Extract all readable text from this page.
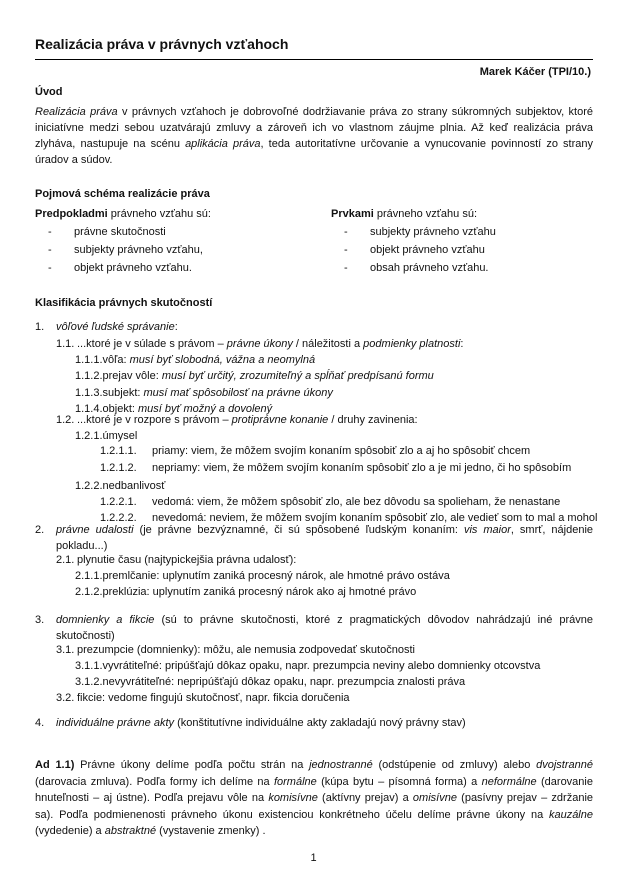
Realizácia práva v právnych vzťahoch
Marek Káčer (TPI/10.)
Úvod
Realizácia práva v právnych vzťahoch je dobrovoľné dodržiavanie práva zo strany súkromných subjektov, ktoré iniciatívne medzi sebou uzatvárajú zmluvy a zároveň ich vo vlastnom záujme plnia. Až keď realizácia práva zlyháva, nastupuje na scénu aplikácia práva, teda autoritatívne určovanie a vynucovanie povinností zo strany úradov a súdov.
Pojmová schéma realizácie práva
Predpokladmi právneho vzťahu sú:
- právne skutočnosti
- subjekty právneho vzťahu,
- objekt právneho vzťahu.
Prvkami právneho vzťahu sú:
- subjekty právneho vzťahu
- objekt právneho vzťahu
- obsah právneho vzťahu.
Klasifikácia právnych skutočností
1. vôľové ľudské správanie:
1.1. ...ktoré je v súlade s právom – právne úkony / náležitosti a podmienky platnosti:
1.1.1.vôľa: musí byť slobodná, vážna a neomylná
1.1.2.prejav vôle: musí byť určitý, zrozumiteľný a spĺňať predpísanú formu
1.1.3.subjekt: musí mať spôsobilosť na právne úkony
1.1.4.objekt: musí byť možný a dovolený
1.2. ...ktoré je v rozpore s právom – protiprávne konanie / druhy zavinenia:
1.2.1.úmysel
1.2.1.1. priamy: viem, že môžem svojím konaním spôsobiť zlo a aj ho spôsobiť chcem
1.2.1.2. nepriamy: viem, že môžem svojím konaním spôsobiť zlo a je mi jedno, či ho spôsobím
1.2.2.nedbanlivosť
1.2.2.1. vedomá: viem, že môžem spôsobiť zlo, ale bez dôvodu sa spolieham, že nenastane
1.2.2.2. nevedomá: neviem, že môžem svojím konaním spôsobiť zlo, ale vedieť som to mal a mohol
2. právne udalosti (je právne bezvýznamné, či sú spôsobené ľudským konaním: vis maior, smrť, nájdenie pokladu...)
2.1. plynutie času (najtypickejšia právna udalosť):
2.1.1.premlčanie: uplynutím zaniká procesný nárok, ale hmotné právo ostáva
2.1.2.preklúzia: uplynutím zaniká procesný nárok ako aj hmotné právo
3. domnienky a fikcie (sú to právne skutočnosti, ktoré z pragmatických dôvodov nahrádzajú iné právne skutočnosti)
3.1. prezumpcie (domnienky): môžu, ale nemusia zodpovedať skutočnosti
3.1.1.vyvrátiteľné: pripúšťajú dôkaz opaku, napr. prezumpcia neviny alebo domnienky otcovstva
3.1.2.nevyvrátiteľné: nepripúšťajú dôkaz opaku, napr. prezumpcia znalosti práva
3.2. fikcie: vedome fingujú skutočnosť, napr. fikcia doručenia
4. individuálne právne akty (konštitutívne individuálne akty zakladajú nový právny stav)
Ad 1.1) Právne úkony delíme podľa počtu strán na jednostranné (odstúpenie od zmluvy) alebo dvojstranné (darovacia zmluva). Podľa formy ich delíme na formálne (kúpa bytu – písomná forma) a neformálne (darovanie hnuteľnosti – aj ústne). Podľa prejavu vôle na komisívne (aktívny prejav) a omisívne (pasívny prejav – zdržanie sa). Podľa podmienenosti právneho úkonu existenciou konkrétneho účelu delíme právne úkony na kauzálne (vydedenie) a abstraktné (vystavenie zmenky) .
1
